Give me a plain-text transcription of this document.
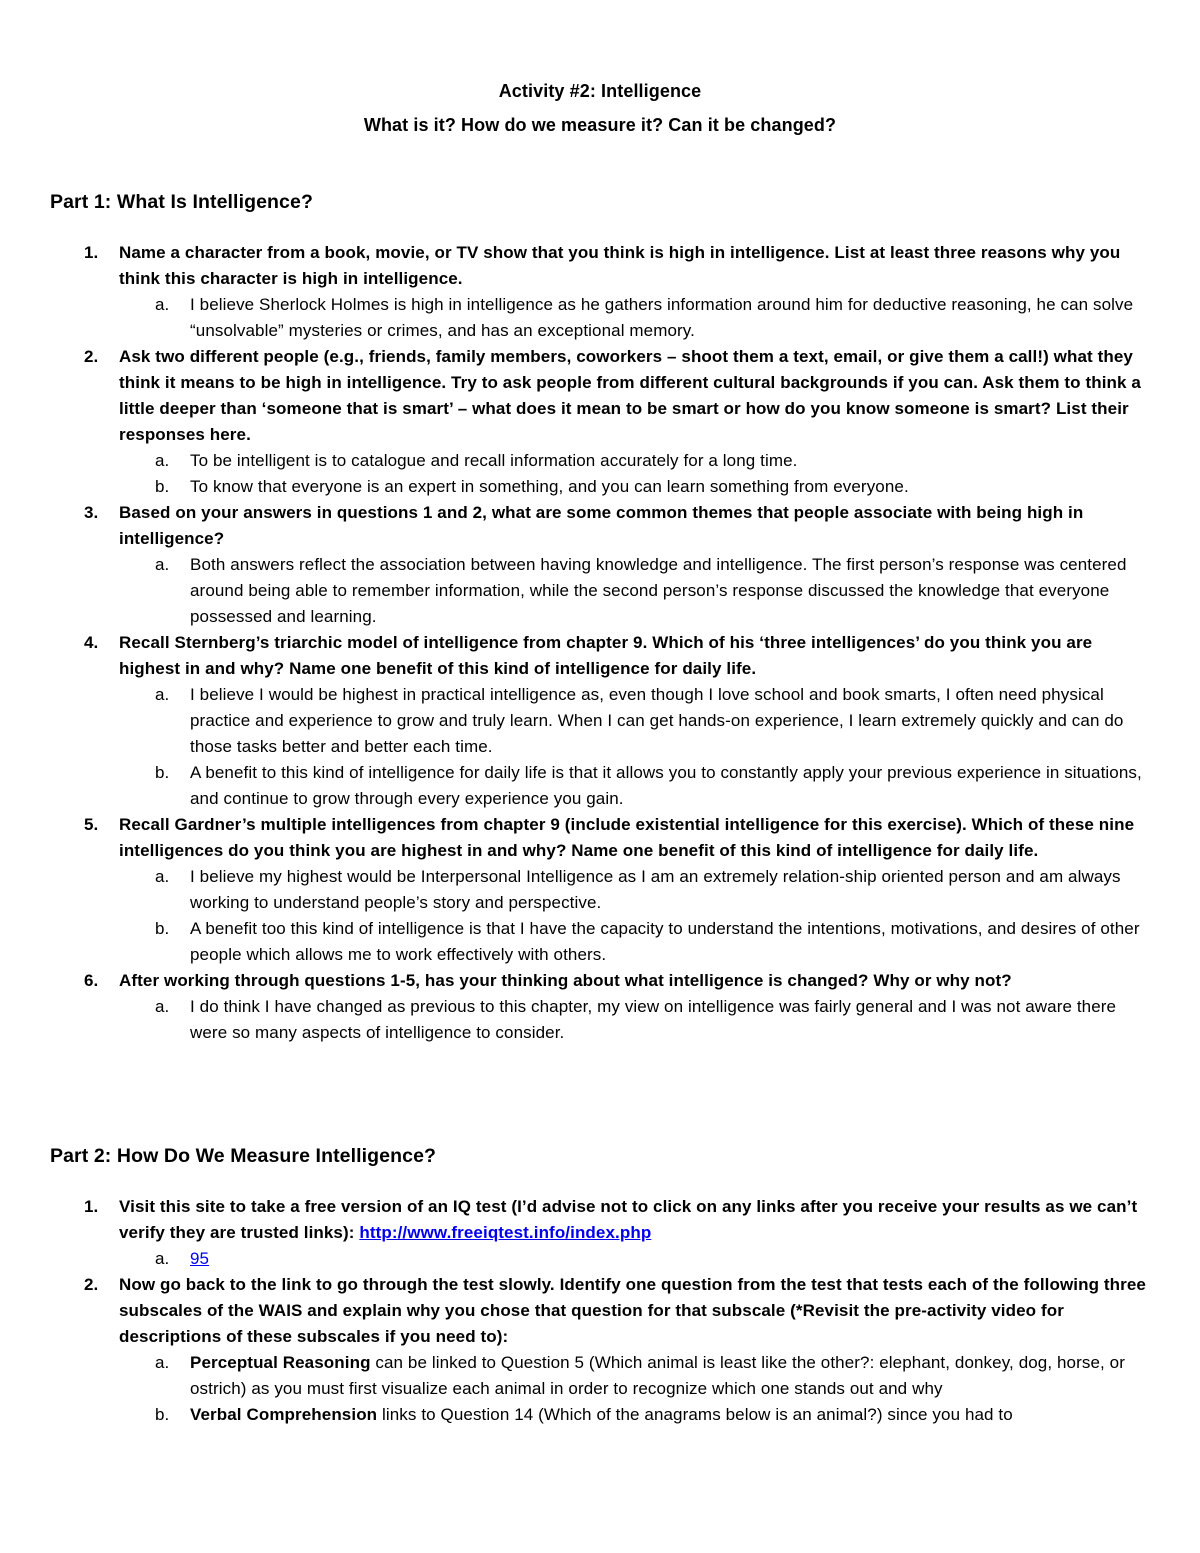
Activity #2: Intelligence
What is it? How do we measure it? Can it be changed?
Part 1: What Is Intelligence?
1. Name a character from a book, movie, or TV show that you think is high in intelligence. List at least three reasons why you think this character is high in intelligence.
a. I believe Sherlock Holmes is high in intelligence as he gathers information around him for deductive reasoning, he can solve “unsolvable” mysteries or crimes, and has an exceptional memory.
2. Ask two different people (e.g., friends, family members, coworkers – shoot them a text, email, or give them a call!) what they think it means to be high in intelligence. Try to ask people from different cultural backgrounds if you can. Ask them to think a little deeper than ‘someone that is smart’ – what does it mean to be smart or how do you know someone is smart? List their responses here.
a. To be intelligent is to catalogue and recall information accurately for a long time.
b. To know that everyone is an expert in something, and you can learn something from everyone.
3. Based on your answers in questions 1 and 2, what are some common themes that people associate with being high in intelligence?
a. Both answers reflect the association between having knowledge and intelligence. The first person’s response was centered around being able to remember information, while the second person’s response discussed the knowledge that everyone possessed and learning.
4. Recall Sternberg’s triarchic model of intelligence from chapter 9. Which of his ‘three intelligences’ do you think you are highest in and why? Name one benefit of this kind of intelligence for daily life.
a. I believe I would be highest in practical intelligence as, even though I love school and book smarts, I often need physical practice and experience to grow and truly learn. When I can get hands-on experience, I learn extremely quickly and can do those tasks better and better each time.
b. A benefit to this kind of intelligence for daily life is that it allows you to constantly apply your previous experience in situations, and continue to grow through every experience you gain.
5. Recall Gardner’s multiple intelligences from chapter 9 (include existential intelligence for this exercise). Which of these nine intelligences do you think you are highest in and why? Name one benefit of this kind of intelligence for daily life.
a. I believe my highest would be Interpersonal Intelligence as I am an extremely relation-ship oriented person and am always working to understand people’s story and perspective.
b. A benefit too this kind of intelligence is that I have the capacity to understand the intentions, motivations, and desires of other people which allows me to work effectively with others.
6. After working through questions 1-5, has your thinking about what intelligence is changed? Why or why not?
a. I do think I have changed as previous to this chapter, my view on intelligence was fairly general and I was not aware there were so many aspects of intelligence to consider.
Part 2: How Do We Measure Intelligence?
1. Visit this site to take a free version of an IQ test (I’d advise not to click on any links after you receive your results as we can’t verify they are trusted links): http://www.freeiqtest.info/index.php
a. 95
2. Now go back to the link to go through the test slowly. Identify one question from the test that tests each of the following three subscales of the WAIS and explain why you chose that question for that subscale (*Revisit the pre-activity video for descriptions of these subscales if you need to):
a. Perceptual Reasoning can be linked to Question 5 (Which animal is least like the other?: elephant, donkey, dog, horse, or ostrich) as you must first visualize each animal in order to recognize which one stands out and why
b. Verbal Comprehension links to Question 14 (Which of the anagrams below is an animal?) since you had to
